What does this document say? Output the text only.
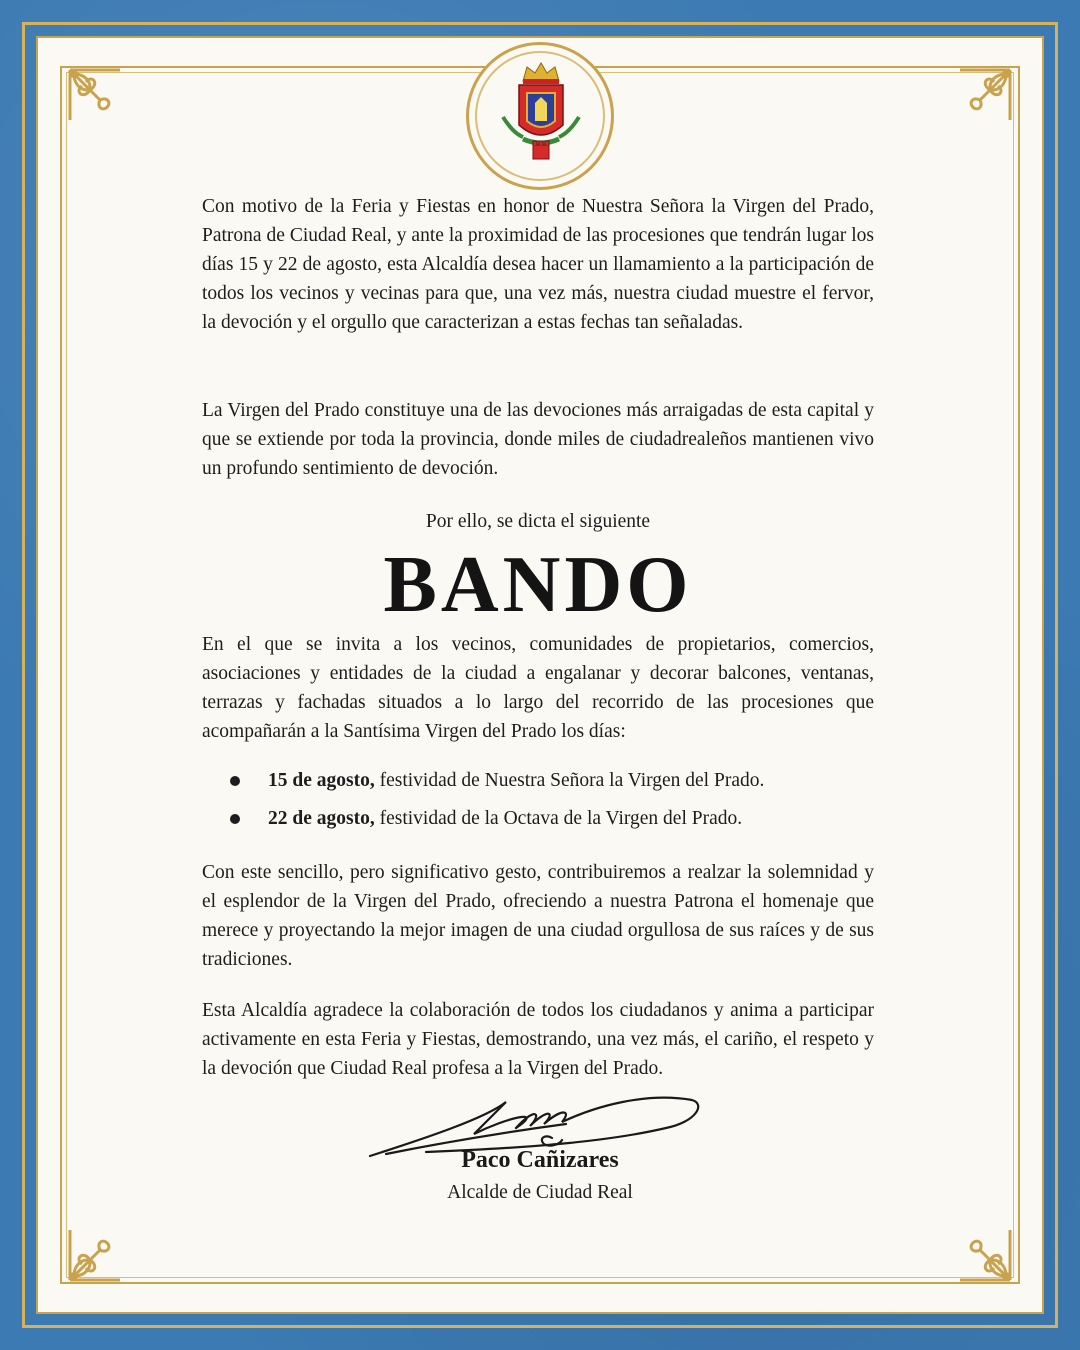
Con motivo de la Feria y Fiestas en honor de Nuestra Señora la Virgen del Prado, Patrona de Ciudad Real, y ante la proximidad de las procesiones que tendrán lugar los días 15 y 22 de agosto, esta Alcaldía desea hacer un llamamiento a la participación de todos los vecinos y vecinas para que, una vez más, nuestra ciudad muestre el fervor, la devoción y el orgullo que caracterizan a estas fechas tan señaladas.
La Virgen del Prado constituye una de las devociones más arraigadas de esta capital y que se extiende por toda la provincia, donde miles de ciudadrealeños mantienen vivo un profundo sentimiento de devoción.
Por ello, se dicta el siguiente
BANDO
En el que se invita a los vecinos, comunidades de propietarios, comercios, asociaciones y entidades de la ciudad a engalanar y decorar balcones, ventanas, terrazas y fachadas situados a lo largo del recorrido de las procesiones que acompañarán a la Santísima Virgen del Prado los días:
15 de agosto, festividad de Nuestra Señora la Virgen del Prado.
22 de agosto, festividad de la Octava de la Virgen del Prado.
Con este sencillo, pero significativo gesto, contribuiremos a realzar la solemnidad y el esplendor de la Virgen del Prado, ofreciendo a nuestra Patrona el homenaje que merece y proyectando la mejor imagen de una ciudad orgullosa de sus raíces y de sus tradiciones.
Esta Alcaldía agradece la colaboración de todos los ciudadanos y anima a participar activamente en esta Feria y Fiestas, demostrando, una vez más, el cariño, el respeto y la devoción que Ciudad Real profesa a la Virgen del Prado.
Paco Cañizares
Alcalde de Ciudad Real
